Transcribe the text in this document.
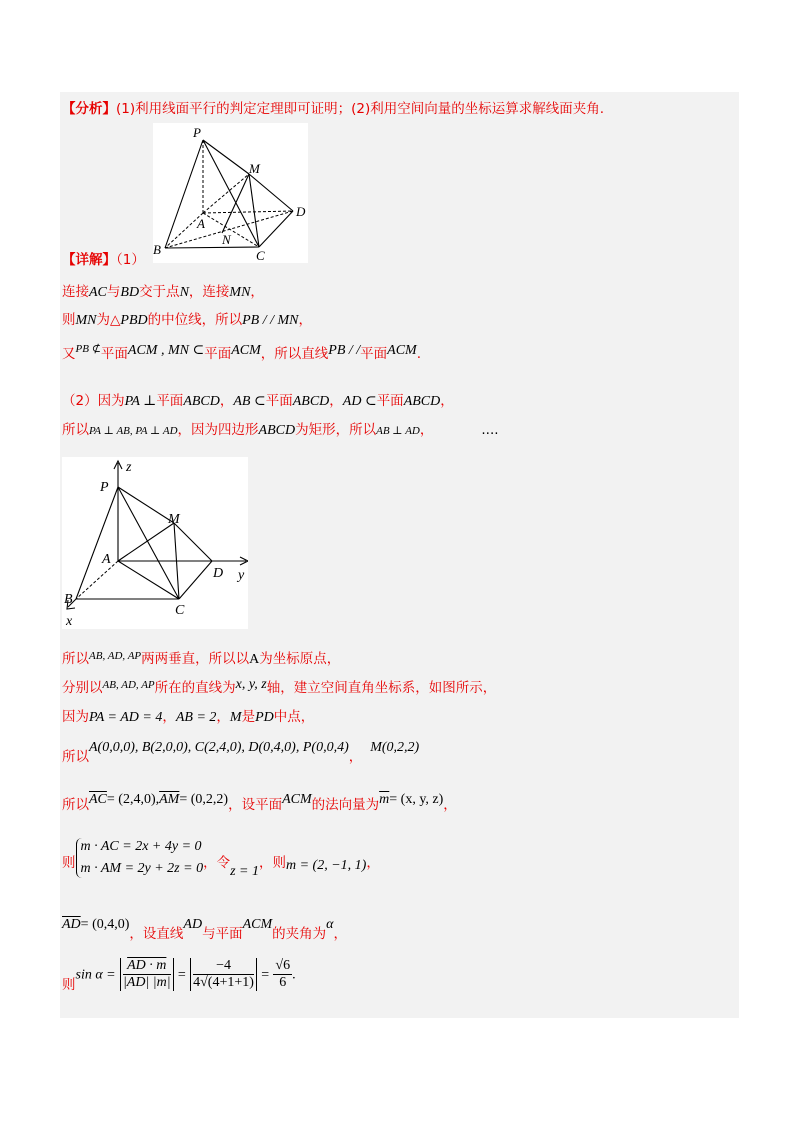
【分析】(1)利用线面平行的判定定理即可证明；(2)利用空间向量的坐标运算求解线面夹角.
P
M
A
D
N
B	C
【详解】（1）
连接AC与BD交于点N，连接MN，
则MN为△PBD的中位线，所以PB / / MN，
又$^{PB ⊄}$平面ACM , MN ⊂平面ACM，所以直线PB / /平面ACM.
（2）因为PA ⊥平面ABCD，AB ⊂平面ABCD，AD ⊂平面ABCD，
所以PA ⊥ AB, PA ⊥ AD，因为四边形ABCD为矩形，所以AB ⊥ AD，	....
z
P
M
A
D y
B
C
x
所以$^{AB, AD, AP}$两两垂直，所以以A为坐标原点，
分别以$^{AB, AD, AP}$所在的直线为x, y, z轴，建立空间直角坐标系，如图所示，
因为PA = AD = 4，AB = 2，M是PD中点，
所以A(0,0,0), B(2,0,0), C(2,4,0), D(0,4,0), P(0,0,4)，M(0,2,2)
所以$\overline{AC}= (2,4,0),\overline{AM}= (0,2,2)$，设平面ACM的法向量为$\overline{m}= (x$, y, z)，
则
m · AC = 2x + 4y = 0
m · AM = 2y + 2z = 0 ，令z = 1，则m = (2, −1, 1)，
$\overline{AD}= (0,4,0)$，设直线AD与平面ACM的夹角为α，
则$\sin \alpha = \frac{AD \cdot m}{|AD| |m|} = \frac{-4}{4√(4+1+1)} = \frac{√6}{6}$ .
